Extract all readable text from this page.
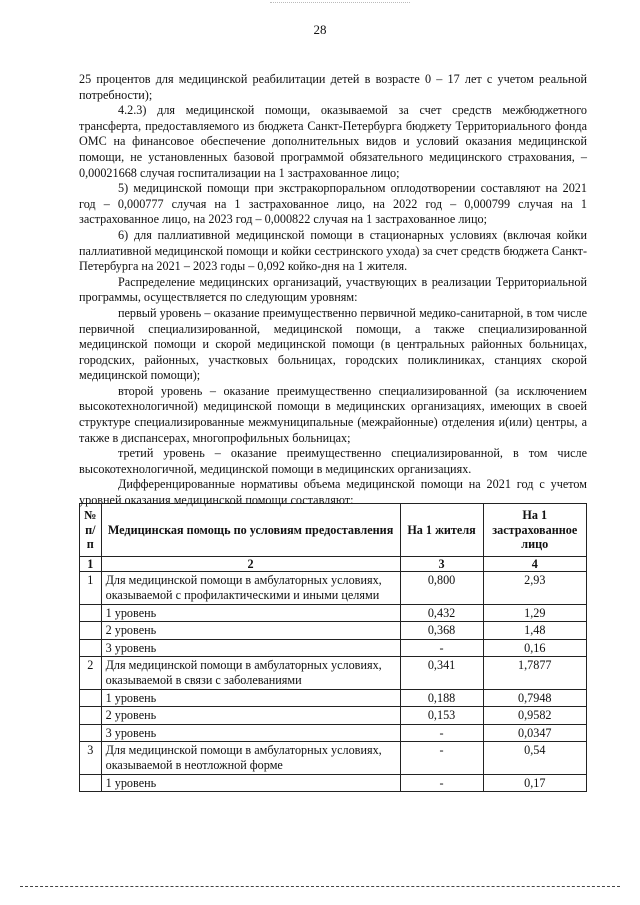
28

25 процентов для медицинской реабилитации детей в возрасте 0 – 17 лет с учетом реальной потребности);

4.2.3) для медицинской помощи, оказываемой за счет средств межбюджетного трансферта, предоставляемого из бюджета Санкт-Петербурга бюджету Территориального фонда ОМС на финансовое обеспечение дополнительных видов и условий оказания медицинской помощи, не установленных базовой программой обязательного медицинского страхования, – 0,00021668 случая госпитализации на 1 застрахованное лицо;

5) медицинской помощи при экстракорпоральном оплодотворении составляют на 2021 год – 0,000777 случая на 1 застрахованное лицо, на 2022 год – 0,000799 случая на 1 застрахованное лицо, на 2023 год – 0,000822 случая на 1 застрахованное лицо;

6) для паллиативной медицинской помощи в стационарных условиях (включая койки паллиативной медицинской помощи и койки сестринского ухода) за счет средств бюджета Санкт-Петербурга на 2021 – 2023 годы – 0,092 койко-дня на 1 жителя.

Распределение медицинских организаций, участвующих в реализации Территориальной программы, осуществляется по следующим уровням:

первый уровень – оказание преимущественно первичной медико-санитарной, в том числе первичной специализированной, медицинской помощи, а также специализированной медицинской помощи и скорой медицинской помощи (в центральных районных больницах, городских, районных, участковых больницах, городских поликлиниках, станциях скорой медицинской помощи);

второй уровень – оказание преимущественно специализированной (за исключением высокотехнологичной) медицинской помощи в медицинских организациях, имеющих в своей структуре специализированные межмуниципальные (межрайонные) отделения и(или) центры, а также в диспансерах, многопрофильных больницах;

третий уровень – оказание преимущественно специализированной, в том числе высокотехнологичной, медицинской помощи в медицинских организациях.

Дифференцированные нормативы объема медицинской помощи на 2021 год с учетом уровней оказания медицинской помощи составляют:

№ п/п	Медицинская помощь по условиям предоставления	На 1 жителя	На 1 застрахованное лицо
1	2	3	4
1	Для медицинской помощи в амбулаторных условиях, оказываемой с профилактическими и иными целями	0,800	2,93
	1 уровень	0,432	1,29
	2 уровень	0,368	1,48
	3 уровень	-	0,16
2	Для медицинской помощи в амбулаторных условиях, оказываемой в связи с заболеваниями	0,341	1,7877
	1 уровень	0,188	0,7948
	2 уровень	0,153	0,9582
	3 уровень	-	0,0347
3	Для медицинской помощи в амбулаторных условиях, оказываемой в неотложной форме	-	0,54
	1 уровень	-	0,17
